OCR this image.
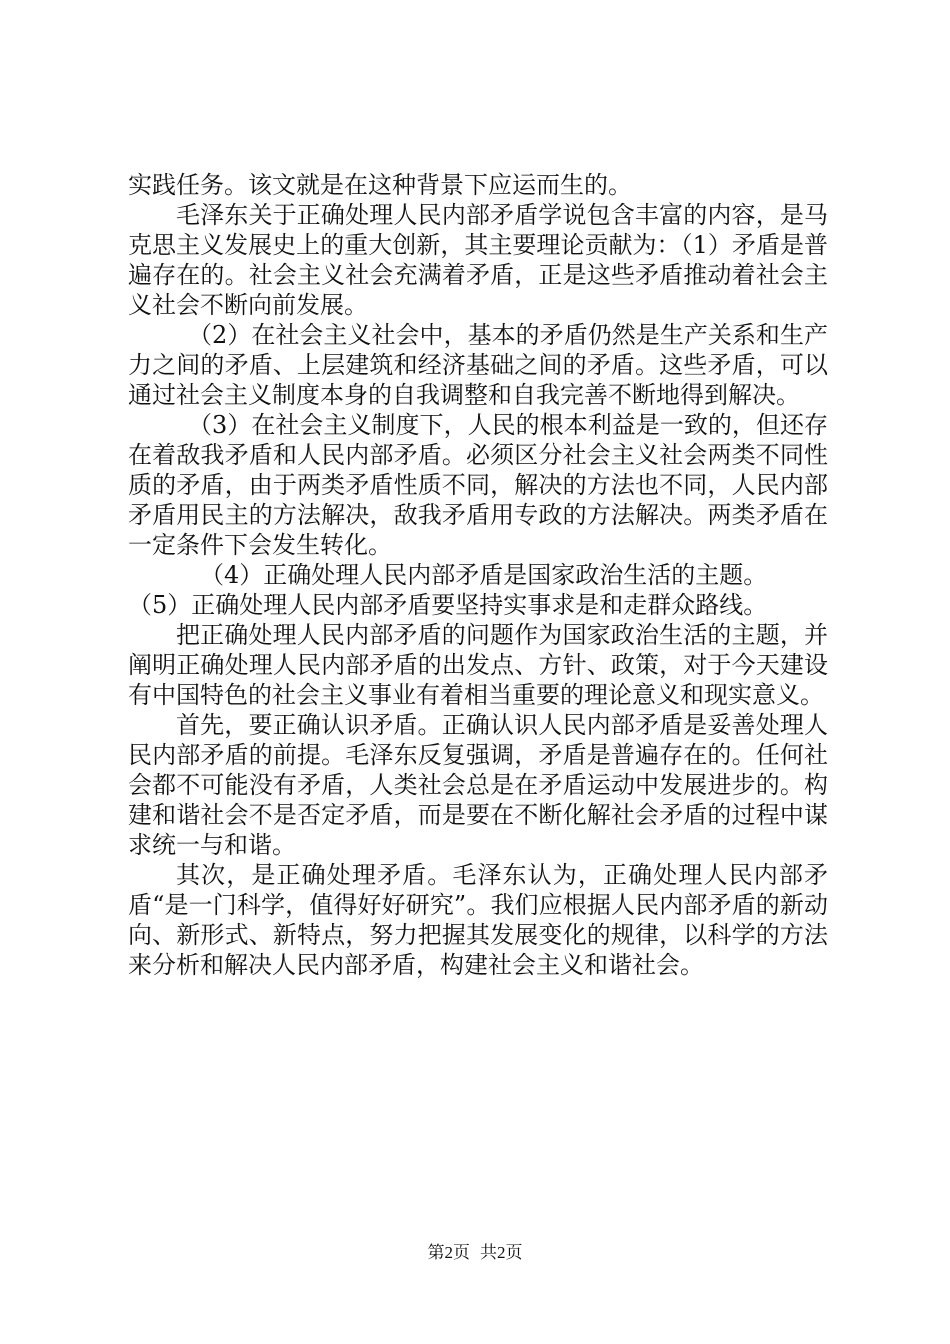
实践任务。该文就是在这种背景下应运而生的。

毛泽东关于正确处理人民内部矛盾学说包含丰富的内容，是马克思主义发展史上的重大创新，其主要理论贡献为：（1）矛盾是普遍存在的。社会主义社会充满着矛盾，正是这些矛盾推动着社会主义社会不断向前发展。

（2）在社会主义社会中，基本的矛盾仍然是生产关系和生产力之间的矛盾、上层建筑和经济基础之间的矛盾。这些矛盾，可以通过社会主义制度本身的自我调整和自我完善不断地得到解决。

（3）在社会主义制度下，人民的根本利益是一致的，但还存在着敌我矛盾和人民内部矛盾。必须区分社会主义社会两类不同性质的矛盾，由于两类矛盾性质不同，解决的方法也不同，人民内部矛盾用民主的方法解决，敌我矛盾用专政的方法解决。两类矛盾在一定条件下会发生转化。

（4）正确处理人民内部矛盾是国家政治生活的主题。

（5）正确处理人民内部矛盾要坚持实事求是和走群众路线。

把正确处理人民内部矛盾的问题作为国家政治生活的主题，并阐明正确处理人民内部矛盾的出发点、方针、政策，对于今天建设有中国特色的社会主义事业有着相当重要的理论意义和现实意义。

首先，要正确认识矛盾。正确认识人民内部矛盾是妥善处理人民内部矛盾的前提。毛泽东反复强调，矛盾是普遍存在的。任何社会都不可能没有矛盾，人类社会总是在矛盾运动中发展进步的。构建和谐社会不是否定矛盾，而是要在不断化解社会矛盾的过程中谋求统一与和谐。

其次，是正确处理矛盾。毛泽东认为，正确处理人民内部矛盾“是一门科学，值得好好研究”。我们应根据人民内部矛盾的新动向、新形式、新特点，努力把握其发展变化的规律，以科学的方法来分析和解决人民内部矛盾，构建社会主义和谐社会。

第2页 共2页
